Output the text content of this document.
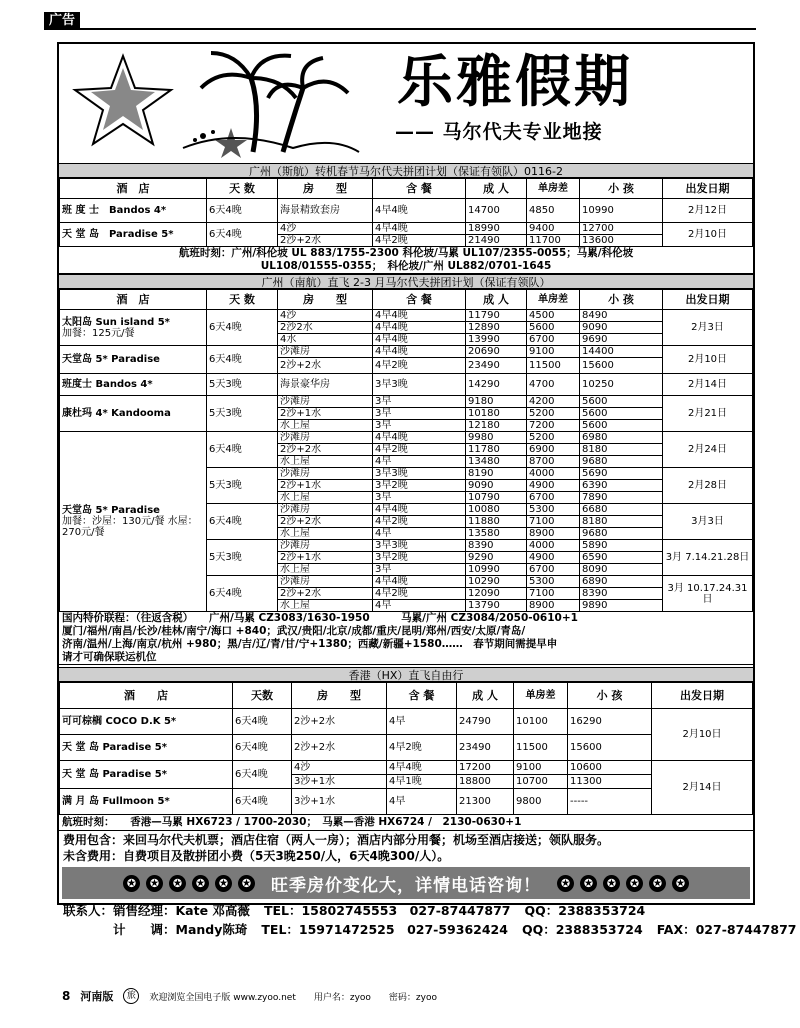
广告
乐雅假期
—— 马尔代夫专业地接
广州（斯航）转机春节马尔代夫拼团计划（保证有领队）0116-2
酒　店	天 数	房　　型	含 餐	成 人	单房差	小 孩	出发日期
班 度 士　Bandos 4*	6天4晚	海景精致套房	4早4晚	14700	4850	10990	2月12日
天 堂 岛　Paradise 5*	6天4晚	4沙	4早4晚	18990	9400	12700	2月10日
		2沙+2水	4早2晚	21490	11700	13600	
航班时刻：广州/科伦坡 UL 883/1755-2300 科伦坡/马累 UL107/2355-0055；马累/科伦坡
UL108/01555-0355；　科伦坡/广州 UL882/0701-1645
广州（南航）直飞 2-3 月马尔代夫拼团计划（保证有领队）
酒　店	天 数	房　　型	含 餐	成 人	单房差	小 孩	出发日期
太阳岛 Sun island 5*
加餐：125元/餐	6天4晚	4沙	4早4晚	11790	4500	8490	2月3日
		2沙2水	4早4晚	12890	5600	9090	
		4水	4早4晚	13990	6700	9690	
天堂岛 5* Paradise	6天4晚	沙滩房	4早4晚	20690	9100	14400	2月10日
		2沙+2水	4早2晚	23490	11500	15600	
班度士 Bandos 4*	5天3晚	海景豪华房	3早3晚	14290	4700	10250	2月14日
康杜玛 4* Kandooma	5天3晚	沙滩房	3早	9180	4200	5600	2月21日
		2沙+1水	3早	10180	5200	5600	
		水上屋	3早	12180	7200	5600	
天堂岛 5* Paradise
加餐：沙屋：130元/餐 水屋：270元/餐	6天4晚	沙滩房	4早4晚	9980	5200	6980	2月24日
		2沙+2水	4早2晚	11780	6900	8180	
		水上屋	4早	13480	8700	9680	
	5天3晚	沙滩房	3早3晚	8190	4000	5690	2月28日
		2沙+1水	3早2晚	9090	4900	6390	
		水上屋	3早	10790	6700	7890	
	6天4晚	沙滩房	4早4晚	10080	5300	6680	3月3日
		2沙+2水	4早2晚	11880	7100	8180	
		水上屋	4早	13580	8900	9680	
	5天3晚	沙滩房	3早3晚	8390	4000	5890	3月 7.14.21.28日
		2沙+1水	3早2晚	9290	4900	6590	
		水上屋	3早	10990	6700	8090	
	6天4晚	沙滩房	4早4晚	10290	5300	6890	3月 10.17.24.31日
		2沙+2水	4早2晚	12090	7100	8390	
		水上屋	4早	13790	8900	9890	
国内特价联程：（往返含税）　　广州/马累 CZ3083/1630-1950　　　马累/广州 CZ3084/2050-0610+1
厦门/福州/南昌/长沙/桂林/南宁/海口 +840；武汉/贵阳/北京/成都/重庆/昆明/郑州/西安/太原/青岛/
济南/温州/上海/南京/杭州 +980；黑/吉/辽/青/甘/宁+1380；西藏/新疆+1580……　春节期间需提早申
请才可确保联运机位
香港（HX）直飞自由行
酒　　店	天数	房　　型	含 餐	成 人	单房差	小 孩	出发日期
可可棕榈 COCO D.K 5*	6天4晚	2沙+2水	4早	24790	10100	16290	2月10日
天 堂 岛 Paradise 5*	6天4晚	2沙+2水	4早2晚	23490	11500	15600	
天 堂 岛 Paradise 5*	6天4晚	4沙	4早4晚	17200	9100	10600	2月14日
		3沙+1水	4早1晚	18800	10700	11300	
满 月 岛 Fullmoon 5*	6天4晚	3沙+1水	4早	21300	9800	-----	
航班时刻：　　香港—马累 HX6723 / 1700-2030；　马累—香港 HX6724 /　2130-0630+1
费用包含：来回马尔代夫机票；酒店住宿（两人一房）；酒店内部分用餐；机场至酒店接送；领队服务。
未含费用：自费项目及散拼团小费（5天3晚250/人，6天4晚300/人）。
✪	✪	✪	✪	✪	✪ 旺季房价变化大，详情电话咨询！	✪	✪	✪	✪	✪	✪
联系人：销售经理：Kate 邓高薇 TEL：15802745553　027-87447877 QQ：2388353724
　　　　计　　调：Mandy陈琦 TEL：15971472525　027-59362424 QQ：2388353724 FAX：027-87447877
8 河南版	旅	欢迎浏览全国电子版 www.zyoo.net　　用户名：zyoo　　密码：zyoo
